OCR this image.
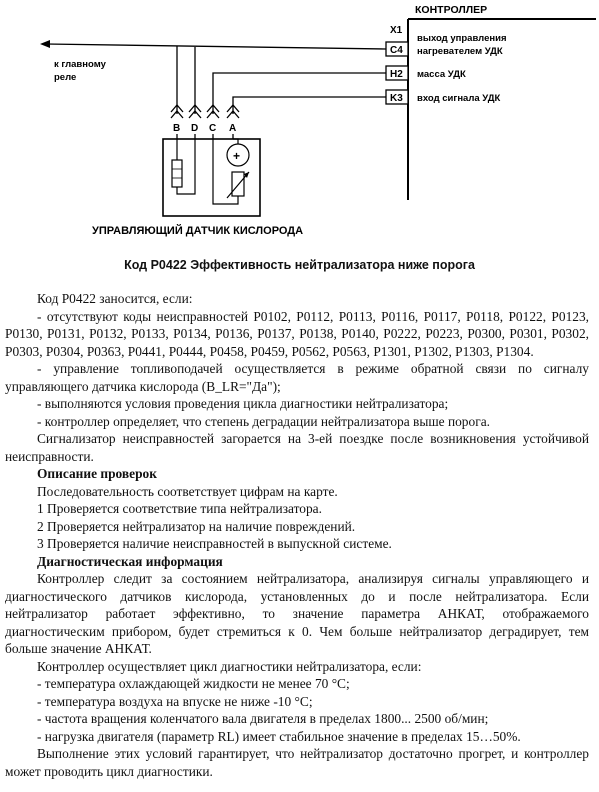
КОНТРОЛЛЕР
X1
C4
H2
K3
выход управления
нагревателем УДК
масса УДК
вход сигнала УДК
к главному
реле
B D C A
+
УПРАВЛЯЮЩИЙ ДАТЧИК КИСЛОРОДА
Код P0422 Эффективность нейтрализатора ниже порога

Код P0422 заносится, если:

- отсутствуют коды неисправностей P0102, P0112, P0113, P0116, P0117, P0118, P0122, P0123, P0130, P0131, P0132, P0133, P0134, P0136, P0137, P0138, P0140, P0222, P0223, P0300, P0301, P0302, P0303, P0304, P0363, P0441, P0444, P0458, P0459, P0562, P0563, P1301, P1302, P1303, P1304.

- управление топливоподачей осуществляется в режиме обратной связи по сигналу управляющего датчика кислорода (B_LR="Да");

- выполняются условия проведения цикла диагностики нейтрализатора;

- контроллер определяет, что степень деградации нейтрализатора выше порога.

Сигнализатор неисправностей загорается на 3-ей поездке после возникновения устойчивой неисправности.

Описание проверок

Последовательность соответствует цифрам на карте.

1 Проверяется соответствие типа нейтрализатора.

2 Проверяется нейтрализатор на наличие повреждений.

3 Проверяется наличие неисправностей в выпускной системе.

Диагностическая информация

Контроллер следит за состоянием нейтрализатора, анализируя сигналы управляющего и диагностического датчиков кислорода, установленных до и после нейтрализатора. Если нейтрализатор работает эффективно, то значение параметра АНКАТ, отображаемого диагностическим прибором, будет стремиться к 0. Чем больше нейтрализатор деградирует, тем больше значение АНКАТ.

Контроллер осуществляет цикл диагностики нейтрализатора, если:

- температура охлаждающей жидкости не менее 70 °C;

- температура воздуха на впуске не ниже -10 °C;

- частота вращения коленчатого вала двигателя в пределах 1800... 2500 об/мин;

- нагрузка двигателя (параметр RL) имеет стабильное значение в пределах 15…50%.

Выполнение этих условий гарантирует, что нейтрализатор достаточно прогрет, и контроллер может проводить цикл диагностики.
